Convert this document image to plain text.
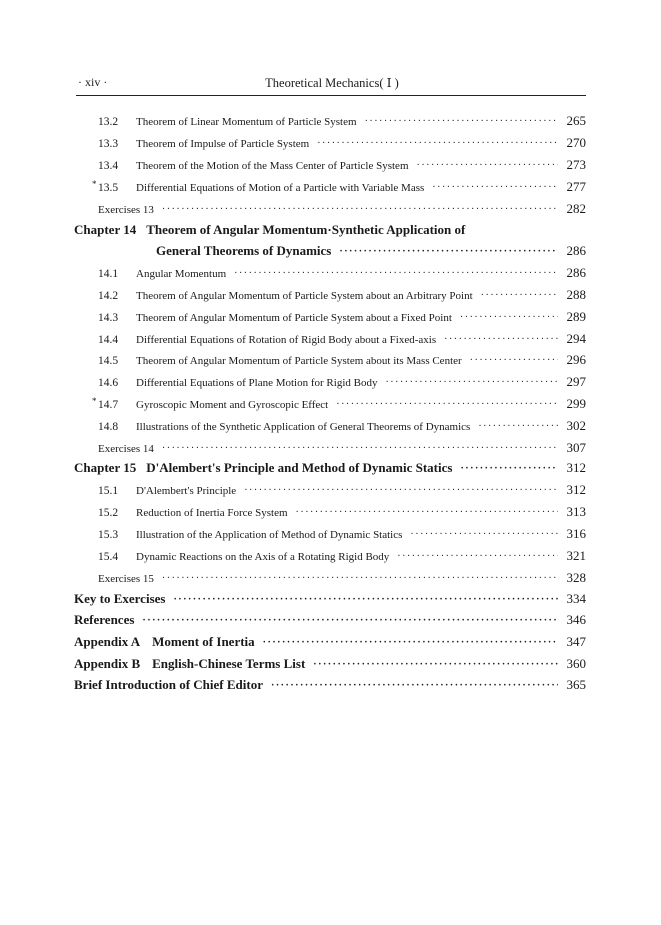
· xiv ·	Theoretical Mechanics( Ⅰ )
13.2	Theorem of Linear Momentum of Particle System ·····	265
13.3	Theorem of Impulse of Particle System ·····	270
13.4	Theorem of the Motion of the Mass Center of Particle System ·····	273
* 13.5	Differential Equations of Motion of a Particle with Variable Mass ·····	277
Exercises 13 ·····	282
Chapter 14 Theorem of Angular Momentum·Synthetic Application of
General Theorems of Dynamics ·····	286
14.1	Angular Momentum ·····	286
14.2	Theorem of Angular Momentum of Particle System about an Arbitrary Point ·····	288
14.3	Theorem of Angular Momentum of Particle System about a Fixed Point ·····	289
14.4	Differential Equations of Rotation of Rigid Body about a Fixed-axis ·····	294
14.5	Theorem of Angular Momentum of Particle System about its Mass Center ·····	296
14.6	Differential Equations of Plane Motion for Rigid Body ·····	297
* 14.7	Gyroscopic Moment and Gyroscopic Effect ·····	299
14.8	Illustrations of the Synthetic Application of General Theorems of Dynamics ·····	302
Exercises 14 ·····	307
Chapter 15 D'Alembert's Principle and Method of Dynamic Statics ·····	312
15.1	D'Alembert's Principle ·····	312
15.2	Reduction of Inertia Force System ·····	313
15.3	Illustration of the Application of Method of Dynamic Statics ·····	316
15.4	Dynamic Reactions on the Axis of a Rotating Rigid Body ·····	321
Exercises 15 ·····	328
Key to Exercises ·····	334
References ·····	346
Appendix A Moment of Inertia ·····	347
Appendix B English-Chinese Terms List ·····	360
Brief Introduction of Chief Editor ·····	365
